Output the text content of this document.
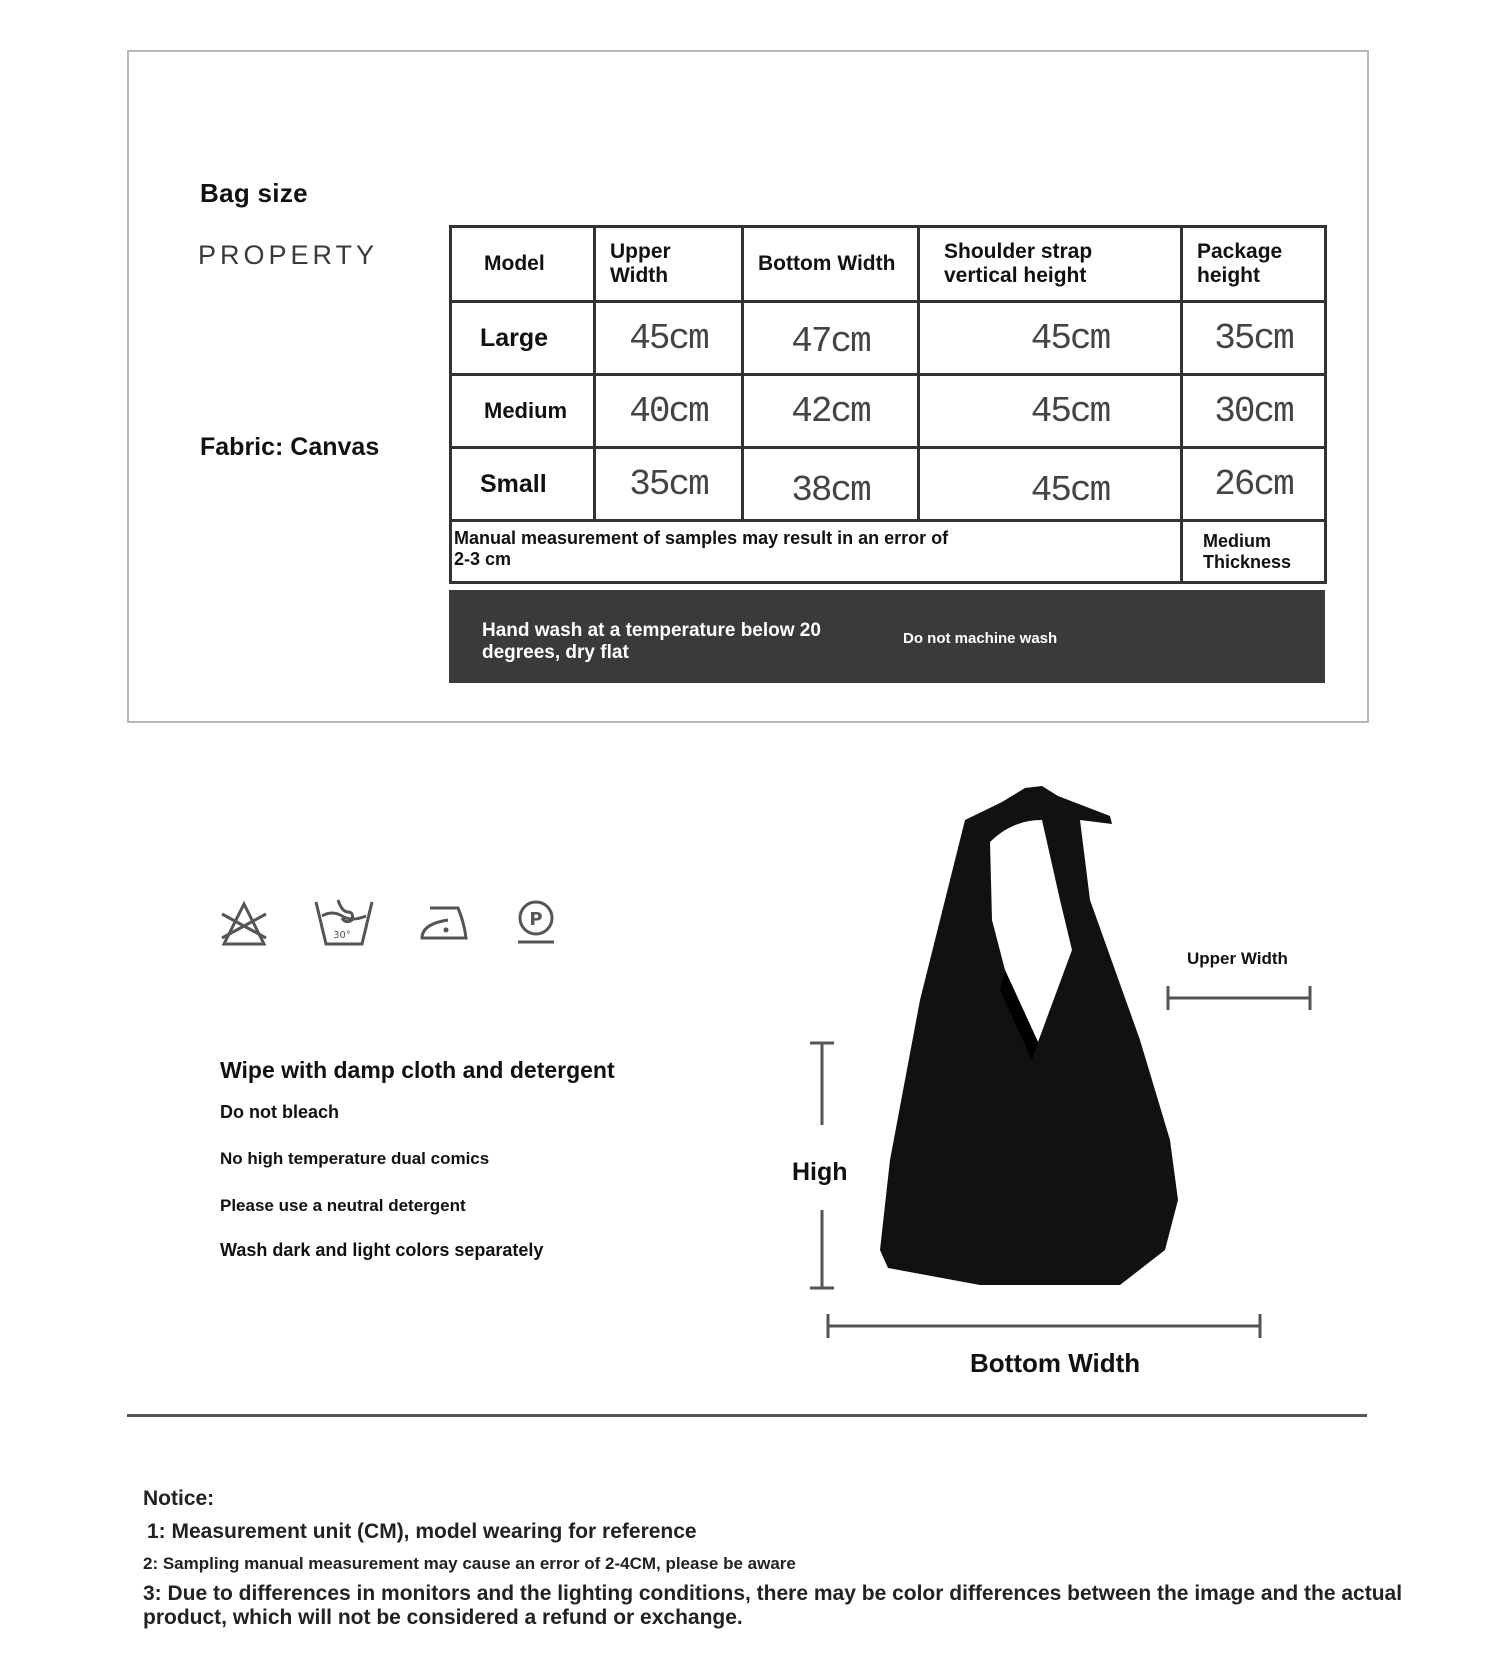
Bag size
PROPERTY
Fabric: Canvas
Model	Upper Width	Bottom Width	Shoulder strap vertical height	Package height

Large	45cm	47cm	45cm	35cm
Medium	40cm	42cm	45cm	30cm
Small	35cm	38cm	45cm	26cm

Manual measurement of samples may result in an error of 2-3 cm				Medium Thickness
Hand wash at a temperature below 20 degrees, dry flat
Do not machine wash
30°
P
Wipe with damp cloth and detergent
Do not bleach
No high temperature dual comics
Please use a neutral detergent
Wash dark and light colors separately
High
Upper Width
Bottom Width
Notice:
1: Measurement unit (CM), model wearing for reference
2: Sampling manual measurement may cause an error of 2-4CM, please be aware
3: Due to differences in monitors and the lighting conditions, there may be color differences between the image and the actual product, which will not be considered a refund or exchange.
